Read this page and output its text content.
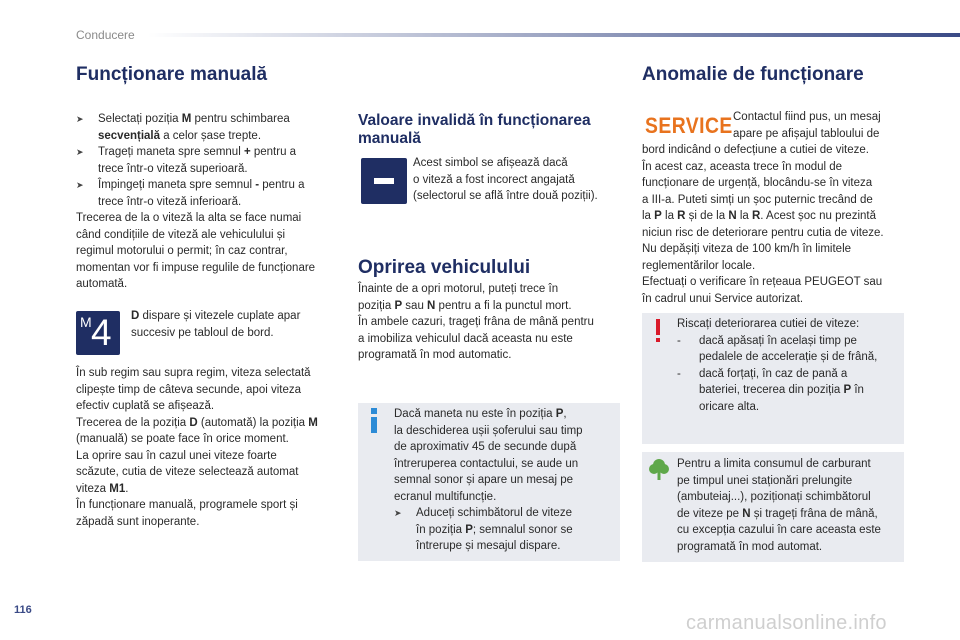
Conducere
Funcționare manuală
➤ Selectați poziția M pentru schimbarea
secvențială a celor șase trepte.
➤ Trageți maneta spre semnul + pentru a
trece într-o viteză superioară.
➤ Împingeți maneta spre semnul - pentru a
trece într-o viteză inferioară.
Trecerea de la o viteză la alta se face numai
când condițiile de viteză ale vehiculului și
regimul motorului o permit; în caz contrar,
momentan vor fi impuse regulile de funcționare
automată.
M 4 D dispare și vitezele cuplate apar
succesiv pe tabloul de bord.
În sub regim sau supra regim, viteza selectată
clipește timp de câteva secunde, apoi viteza
efectiv cuplată se afișează.
Trecerea de la poziția D (automată) la poziția M
(manuală) se poate face în orice moment.
La oprire sau în cazul unei viteze foarte
scăzute, cutia de viteze selectează automat
viteza M1.
În funcționare manuală, programele sport și
zăpadă sunt inoperante.
Valoare invalidă în funcționarea
manuală
Acest simbol se afișează dacă
o viteză a fost incorect angajată
(selectorul se află între două poziții).
Oprirea vehiculului
Înainte de a opri motorul, puteți trece în
poziția P sau N pentru a fi la punctul mort.
În ambele cazuri, trageți frâna de mână pentru
a imobiliza vehiculul dacă aceasta nu este
programată în mod automatic.
Dacă maneta nu este în poziția P,
la deschiderea ușii șoferului sau timp
de aproximativ 45 de secunde după
întreruperea contactului, se aude un
semnal sonor și apare un mesaj pe
ecranul multifuncție.
➤ Aduceți schimbătorul de viteze
în poziția P; semnalul sonor se
întrerupe și mesajul dispare.
Anomalie de funcționare
SERVICE Contactul fiind pus, un mesaj
apare pe afișajul tabloului de
bord indicând o defecțiune a cutiei de viteze.
În acest caz, aceasta trece în modul de
funcționare de urgență, blocându-se în viteza
a III-a. Puteti simți un șoc puternic trecând de
la P la R și de la N la R. Acest șoc nu prezintă
niciun risc de deteriorare pentru cutia de viteze.
Nu depășiți viteza de 100 km/h în limitele
reglementărilor locale.
Efectuați o verificare în rețeaua PEUGEOT sau
în cadrul unui Service autorizat.
Riscați deteriorarea cutiei de viteze:
- dacă apăsați în același timp pe
pedalele de accelerație și de frână,
- dacă forțați, în caz de pană a
bateriei, trecerea din poziția P în
oricare alta.
Pentru a limita consumul de carburant
pe timpul unei staționări prelungite
(ambuteiaj...), poziționați schimbătorul
de viteze pe N și trageți frâna de mână,
cu excepția cazului în care aceasta este
programată în mod automat.
116
carmanualsonline.info
